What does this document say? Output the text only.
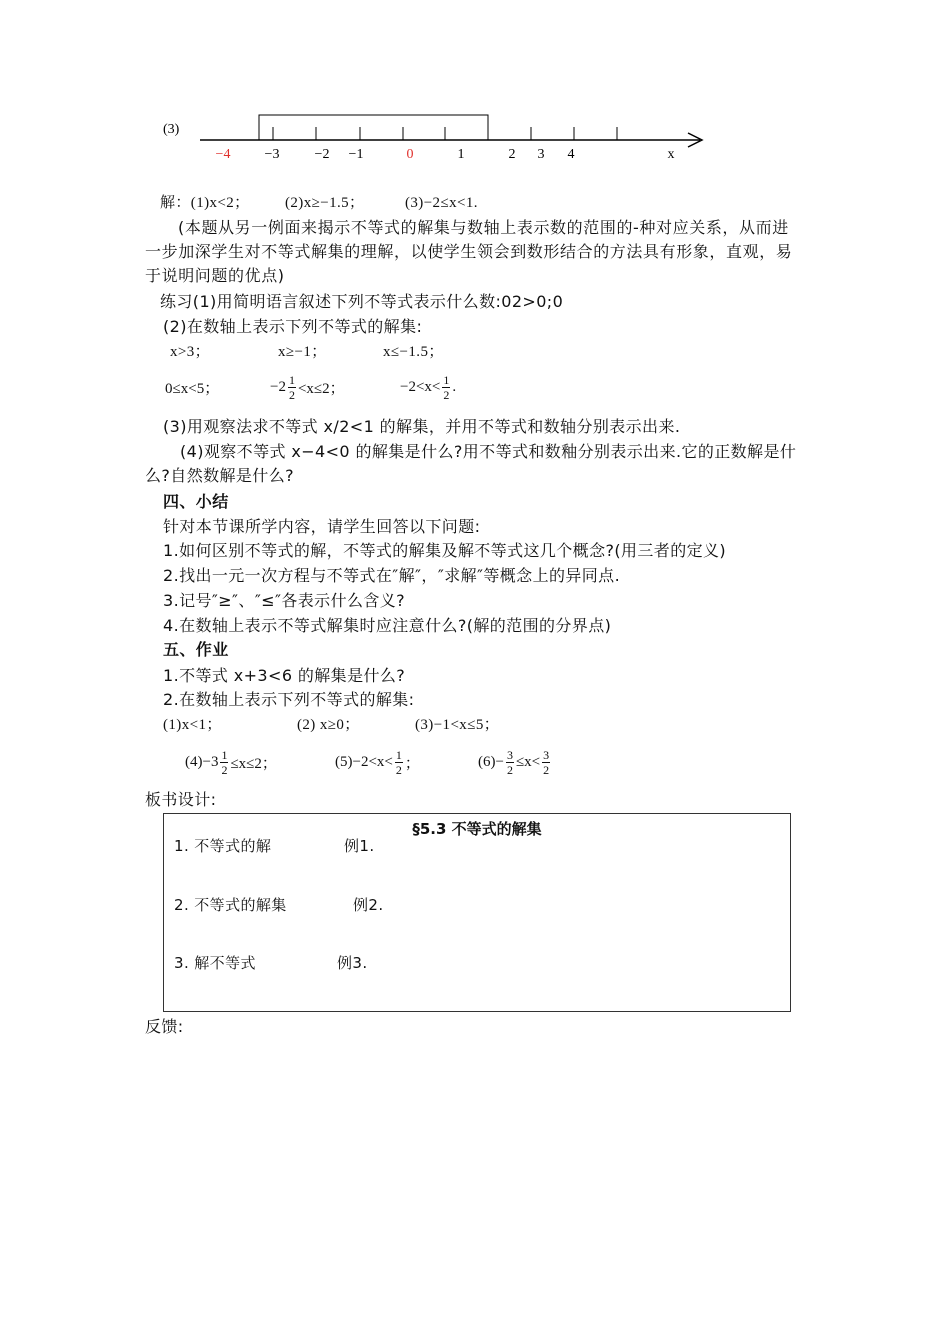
(3)
−4 −3	−2 −1	0	1	2 3 4	x
解：(1)x<2； (2)x≥−1.5；	(3)−2≤x<1.
(本题从另一例面来揭示不等式的解集与数轴上表示数的范围的-种对应关系，从而进
一步加深学生对不等式解集的理解，以使学生领会到数形结合的方法具有形象，直观，易
于说明问题的优点)
练习(1)用简明语言叙述下列不等式表示什么数:02>0;0
(2)在数轴上表示下列不等式的解集:
x>3；	x≥−1；	x≤−1.5；
0≤x<5；	$-2 \frac{1}{2} <x\le 2$；	$-2<x< \frac{1}{2}$ .
(3)用观察法求不等式 x/2<1 的解集，并用不等式和数轴分别表示出来.
(4)观察不等式 x−4<0 的解集是什么?用不等式和数釉分别表示出来.它的正数解是什
么?自然数解是什么?
四、小结
针对本节课所学内容，请学生回答以下问题:
1.如何区别不等式的解，不等式的解集及解不等式这几个概念?(用三者的定义)
2.找出一元一次方程与不等式在″解″，″求解″等概念上的异同点.
3.记号″≥″、″≤″各表示什么含义?
4.在数轴上表示不等式解集时应注意什么?(解的范围的分界点)
五、作业
1.不等式 x+3<6 的解集是什么?
2.在数轴上表示下列不等式的解集:
(1)x<1；	(2) x≥0；	(3)−1<x≤5；
$(4)-3 \frac{1}{2} \le x\le 2$；	$(5)-2<x< \frac{1}{2}$ ；	$(6)- \frac{3}{2} \le x< \frac{3}{2}$
板书设计:
§5.3 不等式的解集
1. 不等式的解	例1.
2. 不等式的解集	例2.
3. 解不等式	例3.
反馈:
